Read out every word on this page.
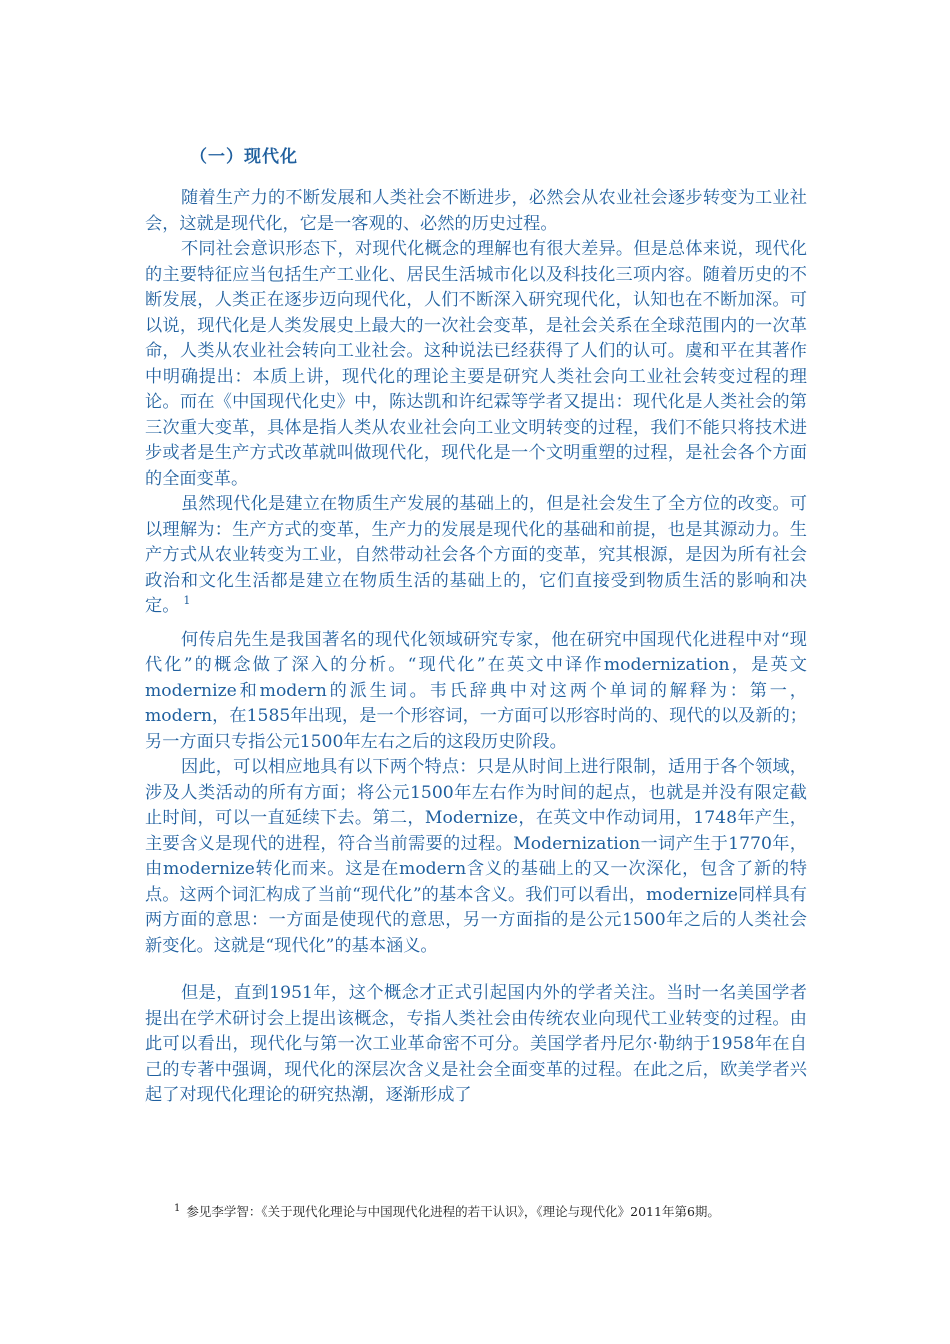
（一）现代化

随着生产力的不断发展和人类社会不断进步，必然会从农业社会逐步转变为工业社会，这就是现代化，它是一客观的、必然的历史过程。

不同社会意识形态下，对现代化概念的理解也有很大差异。但是总体来说，现代化的主要特征应当包括生产工业化、居民生活城市化以及科技化三项内容。随着历史的不断发展，人类正在逐步迈向现代化，人们不断深入研究现代化，认知也在不断加深。可以说，现代化是人类发展史上最大的一次社会变革，是社会关系在全球范围内的一次革命，人类从农业社会转向工业社会。这种说法已经获得了人们的认可。虞和平在其著作中明确提出：本质上讲，现代化的理论主要是研究人类社会向工业社会转变过程的理论。而在《中国现代化史》中，陈达凯和许纪霖等学者又提出：现代化是人类社会的第三次重大变革，具体是指人类从农业社会向工业文明转变的过程，我们不能只将技术进步或者是生产方式改革就叫做现代化，现代化是一个文明重塑的过程，是社会各个方面的全面变革。

虽然现代化是建立在物质生产发展的基础上的，但是社会发生了全方位的改变。可以理解为：生产方式的变革，生产力的发展是现代化的基础和前提，也是其源动力。生产方式从农业转变为工业，自然带动社会各个方面的变革，究其根源，是因为所有社会政治和文化生活都是建立在物质生活的基础上的，它们直接受到物质生活的影响和决定。 $^1$

何传启先生是我国著名的现代化领域研究专家，他在研究中国现代化进程中对“现代化”的概念做了深入的分析。“现代化”在英文中译作modernization，是英文modernize和modern的派生词。韦氏辞典中对这两个单词的解释为：第一，modern，在1585年出现，是一个形容词，一方面可以形容时尚的、现代的以及新的；另一方面只专指公元1500年左右之后的这段历史阶段。

因此，可以相应地具有以下两个特点：只是从时间上进行限制，适用于各个领域，涉及人类活动的所有方面；将公元1500年左右作为时间的起点，也就是并没有限定截止时间，可以一直延续下去。第二，Modernize，在英文中作动词用，1748年产生，主要含义是现代的进程，符合当前需要的过程。Modernization一词产生于1770年，由modernize转化而来。这是在modern含义的基础上的又一次深化，包含了新的特点。这两个词汇构成了当前“现代化”的基本含义。我们可以看出，modernize同样具有两方面的意思：一方面是使现代的意思，另一方面指的是公元1500年之后的人类社会新变化。这就是“现代化”的基本涵义。

但是，直到1951年，这个概念才正式引起国内外的学者关注。当时一名美国学者提出在学术研讨会上提出该概念，专指人类社会由传统农业向现代工业转变的过程。由此可以看出，现代化与第一次工业革命密不可分。美国学者丹尼尔·勒纳于1958年在自己的专著中强调，现代化的深层次含义是社会全面变革的过程。在此之后，欧美学者兴起了对现代化理论的研究热潮，逐渐形成了

$^1$ 参见李学智：《关于现代化理论与中国现代化进程的若干认识》，《理论与现代化》2011年第6期。
